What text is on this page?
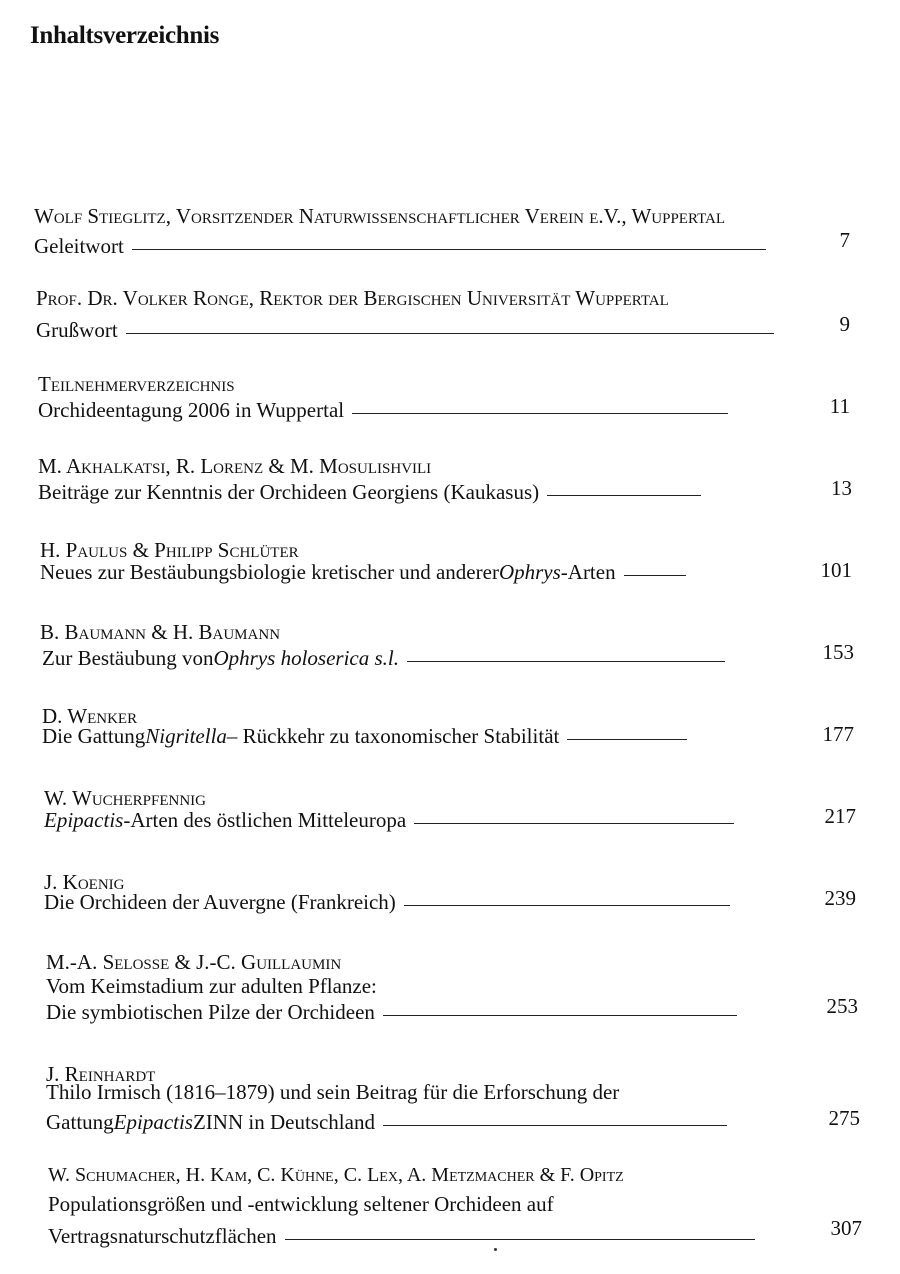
Inhaltsverzeichnis
Wolf Stieglitz, Vorsitzender Naturwissenschaftlicher Verein e.V., Wuppertal
Geleitwort	7
Prof. Dr. Volker Ronge, Rektor der Bergischen Universität Wuppertal
Grußwort	9
Teilnehmerverzeichnis
Orchideentagung 2006 in Wuppertal	11
M. Akhalkatsi, R. Lorenz & M. Mosulishvili
Beiträge zur Kenntnis der Orchideen Georgiens (Kaukasus)	13
H. Paulus & Philipp Schlüter
Neues zur Bestäubungsbiologie kretischer und anderer Ophrys -Arten	101
B. Baumann & H. Baumann
Zur Bestäubung von Ophrys holoserica s.l.	153
D. Wenker
Die Gattung Nigritella – Rückkehr zu taxonomischer Stabilität	177
W. Wucherpfennig
Epipactis -Arten des östlichen Mitteleuropa	217
J. Koenig
Die Orchideen der Auvergne (Frankreich)	239
M.-A. Selosse & J.-C. Guillaumin
Vom Keimstadium zur adulten Pflanze:
Die symbiotischen Pilze der Orchideen	253
J. Reinhardt
Thilo Irmisch (1816–1879) und sein Beitrag für die Erforschung der
Gattung Epipactis ZINN in Deutschland	275
W. Schumacher, H. Kam, C. Kühne, C. Lex, A. Metzmacher & F. Opitz
Populationsgrößen und -entwicklung seltener Orchideen auf
Vertragsnaturschutzflächen	307
